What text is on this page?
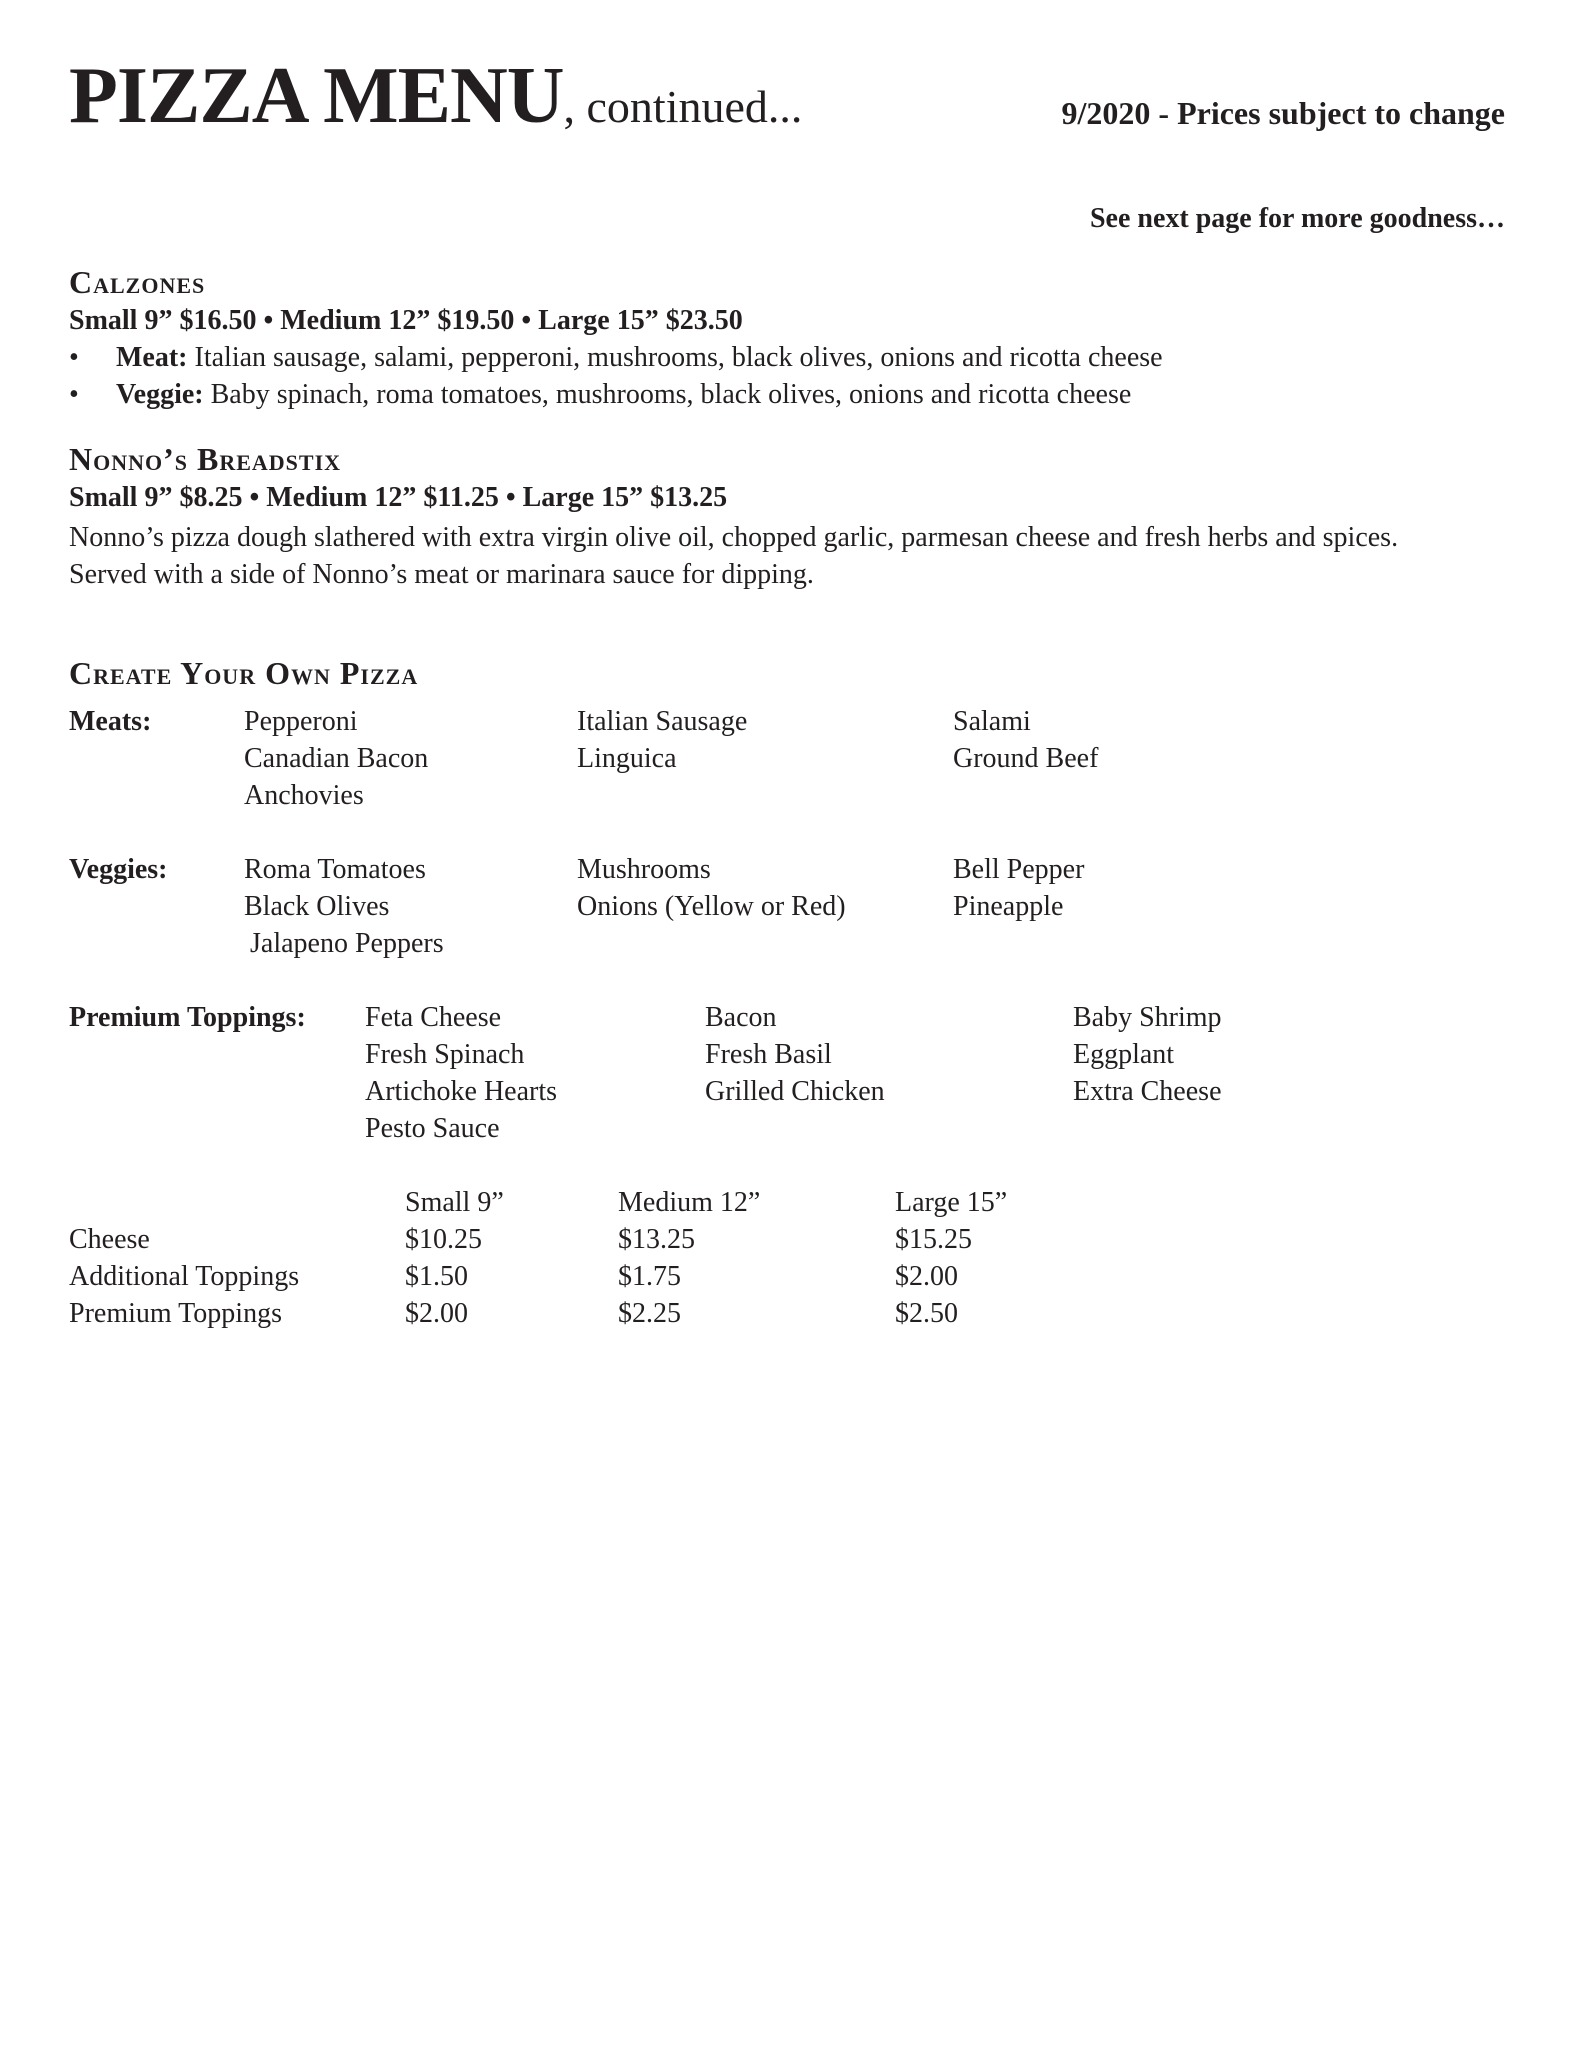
PIZZA MENU, continued...	9/2020 - Prices subject to change
See next page for more goodness…
Calzones
Small 9” $16.50 • Medium 12” $19.50 • Large 15” $23.50
• Meat: Italian sausage, salami, pepperoni, mushrooms, black olives, onions and ricotta cheese
• Veggie: Baby spinach, roma tomatoes, mushrooms, black olives, onions and ricotta cheese
Nonno’s Breadstix
Small 9” $8.25 • Medium 12” $11.25 • Large 15” $13.25
Nonno’s pizza dough slathered with extra virgin olive oil, chopped garlic, parmesan cheese and fresh herbs and spices. Served with a side of Nonno’s meat or marinara sauce for dipping.
Create Your Own Pizza
Meats:	Pepperoni	Italian Sausage	Salami
Canadian Bacon	Linguica	Ground Beef
Anchovies
Veggies:	Roma Tomatoes	Mushrooms	Bell Pepper
Black Olives	Onions (Yellow or Red)	Pineapple
Jalapeno Peppers
Premium Toppings: Feta Cheese	Bacon	Baby Shrimp
Fresh Spinach	Fresh Basil	Eggplant
Artichoke Hearts	Grilled Chicken	Extra Cheese
Pesto Sauce
Small 9”	Medium 12”	Large 15”
Cheese	$10.25	$13.25	$15.25
Additional Toppings	$1.50	$1.75	$2.00
Premium Toppings	$2.00	$2.25	$2.50
